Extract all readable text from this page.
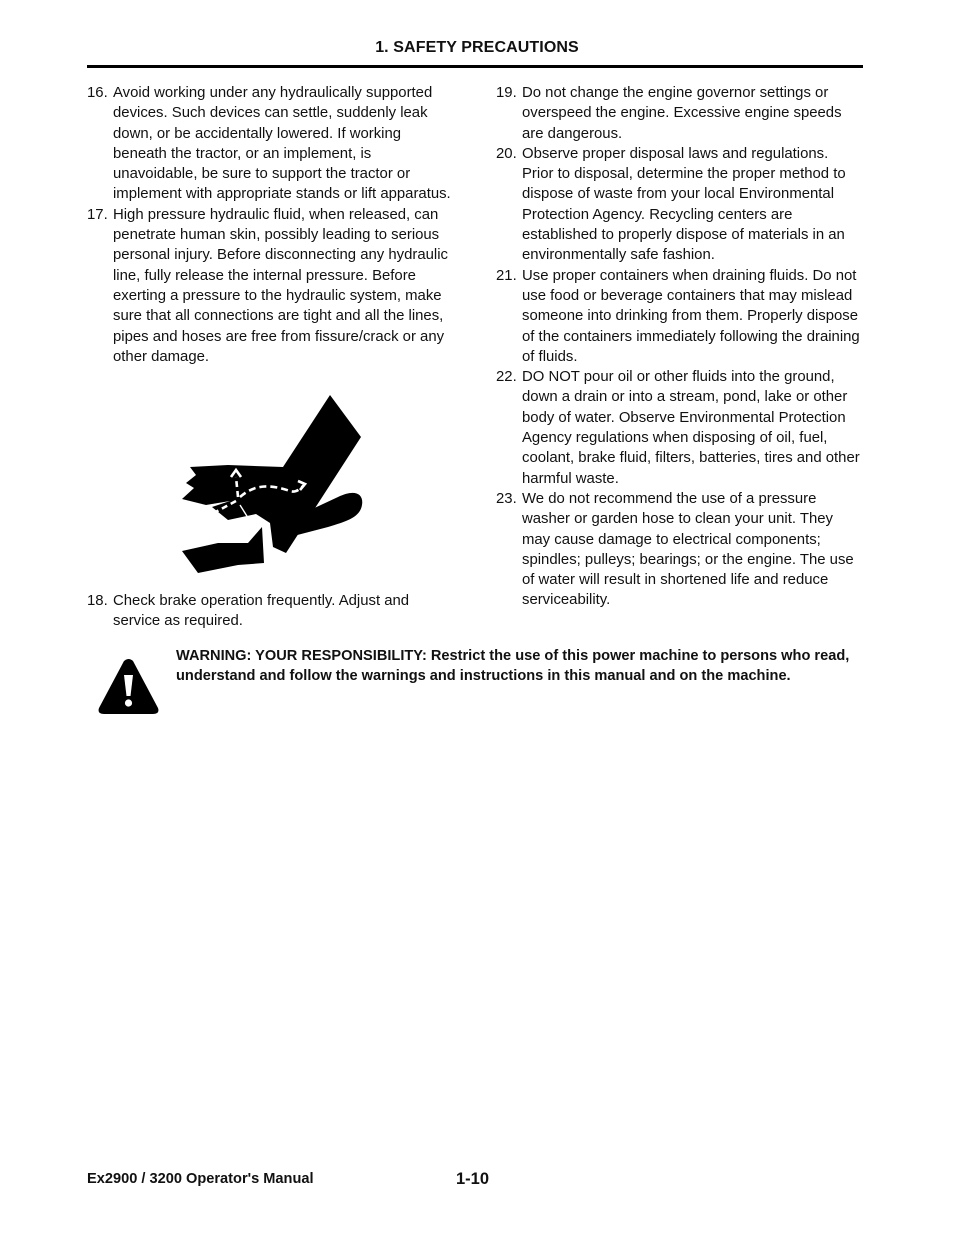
1. SAFETY PRECAUTIONS
16. Avoid working under any hydraulically supported devices. Such devices can settle, suddenly leak down, or be accidentally lowered. If working beneath the tractor, or an implement, is unavoidable, be sure to support the tractor or implement with appropriate stands or lift apparatus.
17. High pressure hydraulic fluid, when released, can penetrate human skin, possibly leading to serious personal injury. Before disconnecting any hydraulic line, fully release the internal pressure. Before exerting a pressure to the hydraulic system, make sure that all connections are tight and all the lines, pipes and hoses are free from fissure/crack or any other damage.
18. Check brake operation frequently. Adjust and service as required.
19. Do not change the engine governor settings or overspeed the engine. Excessive engine speeds are dangerous.
20. Observe proper disposal laws and regulations. Prior to disposal, determine the proper method to dispose of waste from your local Environmental Protection Agency. Recycling centers are established to properly dispose of materials in an environmentally safe fashion.
21. Use proper containers when draining fluids. Do not use food or beverage containers that may mislead someone into drinking from them. Properly dispose of the containers immediately following the draining of fluids.
22. DO NOT pour oil or other fluids into the ground, down a drain or into a stream, pond, lake or other body of water. Observe Environmental Protection Agency regulations when disposing of oil, fuel, coolant, brake fluid, filters, batteries, tires and other harmful waste.
23. We do not recommend the use of a pressure washer or garden hose to clean your unit. They may cause damage to electrical components; spindles; pulleys; bearings; or the engine. The use of water will result in shortened life and reduce serviceability.
WARNING: YOUR RESPONSIBILITY: Restrict the use of this power machine to persons who read, understand and follow the warnings and instructions in this manual and on the machine.
Ex2900 / 3200 Operator's Manual	1-10
